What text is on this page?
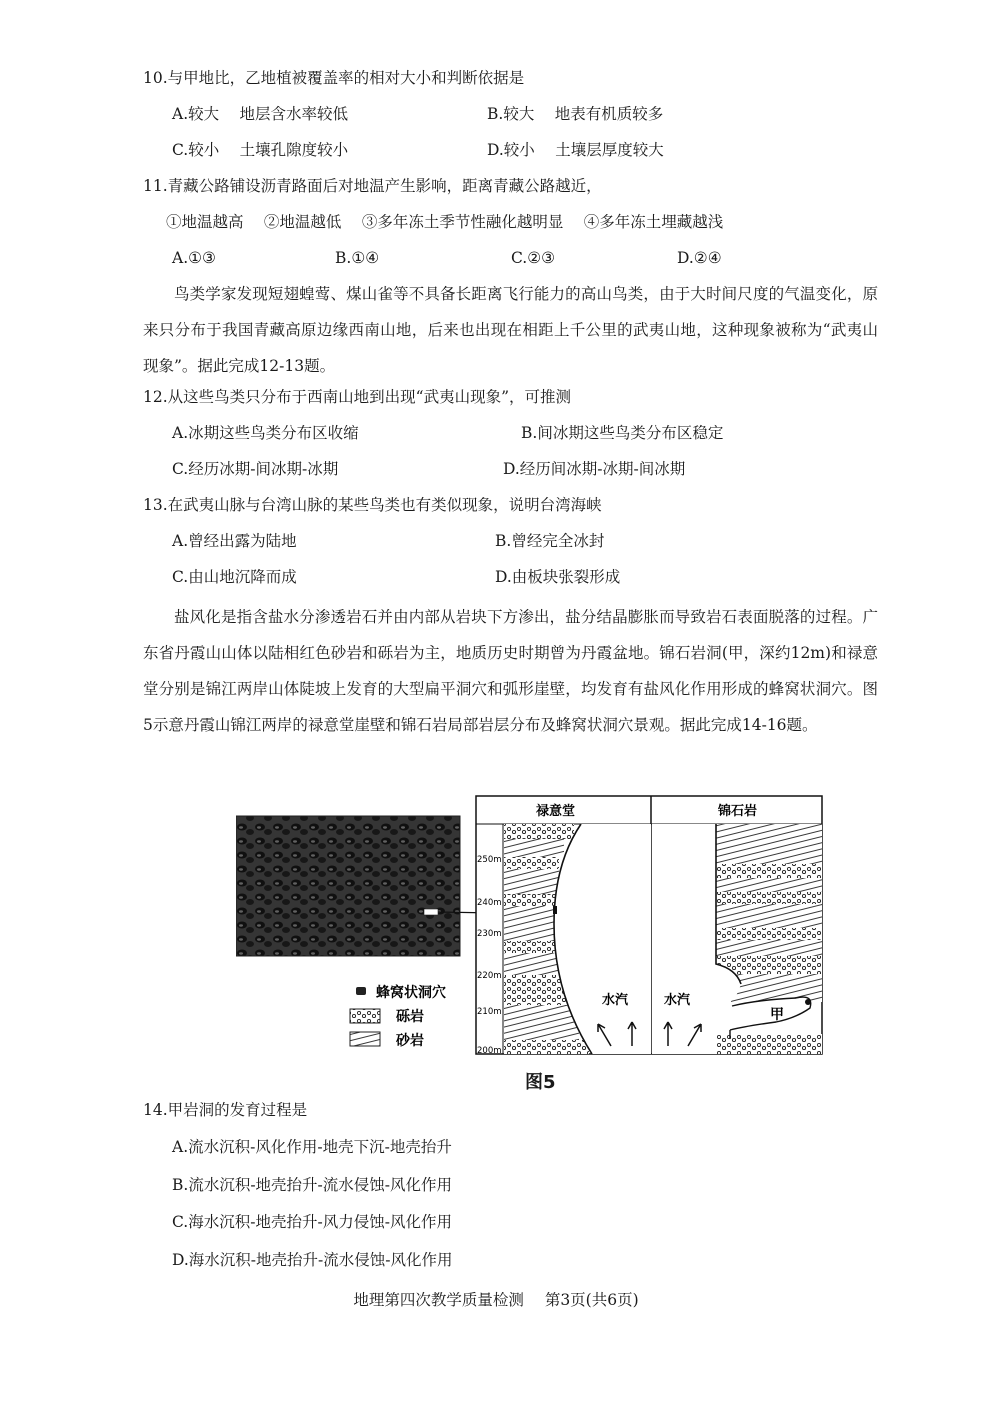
10.与甲地比，乙地植被覆盖率的相对大小和判断依据是
A.较大　 地层含水率较低	B.较大　 地表有机质较多
C.较小　 土壤孔隙度较小	D.较小　 土壤层厚度较大
11.青藏公路铺设沥青路面后对地温产生影响，距离青藏公路越近，
①地温越高　 ②地温越低　 ③多年冻土季节性融化越明显　 ④多年冻土埋藏越浅
A.①③	B.①④	C.②③	D.②④
鸟类学家发现短翅蝗莺、煤山雀等不具备长距离飞行能力的高山鸟类，由于大时间尺度的气温变化，原来只分布于我国青藏高原边缘西南山地，后来也出现在相距上千公里的武夷山地，这种现象被称为“武夷山现象”。据此完成12-13题。
12.从这些鸟类只分布于西南山地到出现“武夷山现象”，可推测
A.冰期这些鸟类分布区收缩	B.间冰期这些鸟类分布区稳定
C.经历冰期-间冰期-冰期	D.经历间冰期-冰期-间冰期
13.在武夷山脉与台湾山脉的某些鸟类也有类似现象，说明台湾海峡
A.曾经出露为陆地	B.曾经完全冰封
C.由山地沉降而成	D.由板块张裂形成
盐风化是指含盐水分渗透岩石并由内部从岩块下方渗出，盐分结晶膨胀而导致岩石表面脱落的过程。广东省丹霞山山体以陆相红色砂岩和砾岩为主，地质历史时期曾为丹霞盆地。锦石岩洞(甲，深约12m)和禄意堂分别是锦江两岸山体陡坡上发育的大型扁平洞穴和弧形崖壁，均发育有盐风化作用形成的蜂窝状洞穴。图5示意丹霞山锦江两岸的禄意堂崖壁和锦石岩局部岩层分布及蜂窝状洞穴景观。据此完成14-16题。
蜂窝状洞穴
砾岩
砂岩
禄意堂	锦石岩
250m
240m
230m
220m
210m
200m
甲
水汽	水汽
图5
14.甲岩洞的发育过程是
A.流水沉积-风化作用-地壳下沉-地壳抬升
B.流水沉积-地壳抬升-流水侵蚀-风化作用
C.海水沉积-地壳抬升-风力侵蚀-风化作用
D.海水沉积-地壳抬升-流水侵蚀-风化作用
地理第四次教学质量检测 第3页(共6页)
